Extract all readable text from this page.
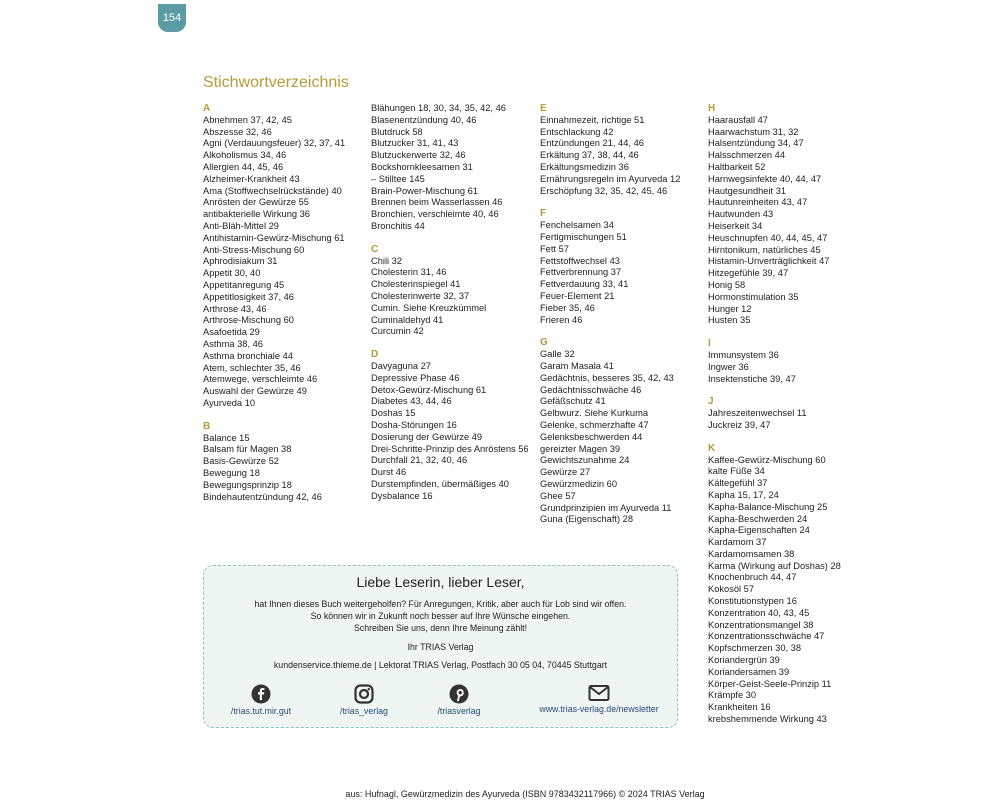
154
Stichwortverzeichnis
A
Abnehmen 37, 42, 45
Abszesse 32, 46
Agni (Verdauungsfeuer) 32, 37, 41
Alkoholismus 34, 46
Allergien 44, 45, 46
Alzheimer-Krankheit 43
Ama (Stoffwechselrückstände) 40
Anrösten der Gewürze 55
antibakterielle Wirkung 36
Anti-Bläh-Mittel 29
Antihistamin-Gewürz-Mischung 61
Anti-Stress-Mischung 60
Aphrodisiakum 31
Appetit 30, 40
Appetitanregung 45
Appetitlosigkeit 37, 46
Arthrose 43, 46
Arthrose-Mischung 60
Asafoetida 29
Asthma 38, 46
Asthma bronchiale 44
Atem, schlechter 35, 46
Atemwege, verschleimte 46
Auswahl der Gewürze 49
Ayurveda 10
B
Balance 15
Balsam für Magen 38
Basis-Gewürze 52
Bewegung 18
Bewegungsprinzip 18
Bindehautentzündung 42, 46
Blähungen 18, 30, 34, 35, 42, 46
Blasenentzündung 40, 46
Blutdruck 58
Blutzucker 31, 41, 43
Blutzuckerwerte 32, 46
Bockshornkleesamen 31
– Stilltee 145
Brain-Power-Mischung 61
Brennen beim Wasserlassen 46
Bronchien, verschleimte 40, 46
Bronchitis 44
C
Chili 32
Cholesterin 31, 46
Cholesterinspiegel 41
Cholesterinwerte 32, 37
Cumin. Siehe Kreuzkümmel
Cuminaldehyd 41
Curcumin 42
D
Davyaguna 27
Depressive Phase 46
Detox-Gewürz-Mischung 61
Diabetes 43, 44, 46
Doshas 15
Dosha-Störungen 16
Dosierung der Gewürze 49
Drei-Schritte-Prinzip des Anröstens 56
Durchfall 21, 32, 40, 46
Durst 46
Durstempfinden, übermäßiges 40
Dysbalance 16
E
Einnahmezeit, richtige 51
Entschlackung 42
Entzündungen 21, 44, 46
Erkältung 37, 38, 44, 46
Erkältungsmedizin 36
Ernährungsregeln im Ayurveda 12
Erschöpfung 32, 35, 42, 45, 46
F
Fenchelsamen 34
Fertigmischungen 51
Fett 57
Fettstoffwechsel 43
Fettverbrennung 37
Fettverdauung 33, 41
Feuer-Element 21
Fieber 35, 46
Frieren 46
G
Galle 32
Garam Masala 41
Gedächtnis, besseres 35, 42, 43
Gedächtnisschwäche 46
Gefäßschutz 41
Gelbwurz. Siehe Kurkuma
Gelenke, schmerzhafte 47
Gelenksbeschwerden 44
gereizter Magen 39
Gewichtszunahme 24
Gewürze 27
Gewürzmedizin 60
Ghee 57
Grundprinzipien im Ayurveda 11
Guna (Eigenschaft) 28
H
Haarausfall 47
Haarwachstum 31, 32
Halsentzündung 34, 47
Halsschmerzen 44
Haltbarkeit 52
Harnwegsinfekte 40, 44, 47
Hautgesundheit 31
Hautunreinheiten 43, 47
Hautwunden 43
Heiserkeit 34
Heuschnupfen 40, 44, 45, 47
Hirntonikum, natürliches 45
Histamin-Unverträglichkeit 47
Hitzegefühle 39, 47
Honig 58
Hormonstimulation 35
Hunger 12
Husten 35
I
Immunsystem 36
Ingwer 36
Insektenstiche 39, 47
J
Jahreszeitenwechsel 11
Juckreiz 39, 47
K
Kaffee-Gewürz-Mischung 60
kalte Füße 34
Kältegefühl 37
Kapha 15, 17, 24
Kapha-Balance-Mischung 25
Kapha-Beschwerden 24
Kapha-Eigenschaften 24
Kardamom 37
Kardamomsamen 38
Karma (Wirkung auf Doshas) 28
Knochenbruch 44, 47
Kokosöl 57
Konstitutionstypen 16
Konzentration 40, 43, 45
Konzentrationsmangel 38
Konzentrationsschwäche 47
Kopfschmerzen 30, 38
Koriandergrün 39
Koriandersamen 39
Körper-Geist-Seele-Prinzip 11
Krämpfe 30
Krankheiten 16
krebshemmende Wirkung 43
Liebe Leserin, lieber Leser,
hat Ihnen dieses Buch weitergeholfen? Für Anregungen, Kritik, aber auch für Lob sind wir offen.
So können wir in Zukunft noch besser auf Ihre Wünsche eingehen.
Schreiben Sie uns, denn Ihre Meinung zählt!
Ihr TRIAS Verlag
kundenservice.thieme.de | Lektorat TRIAS Verlag, Postfach 30 05 04, 70445 Stuttgart
/trias.tut.mir.gut	/trias_verlag	/triasverlag	www.trias-verlag.de/newsletter
aus: Hufnagl, Gewürzmedizin des Ayurveda (ISBN 9783432117966) © 2024 TRIAS Verlag
